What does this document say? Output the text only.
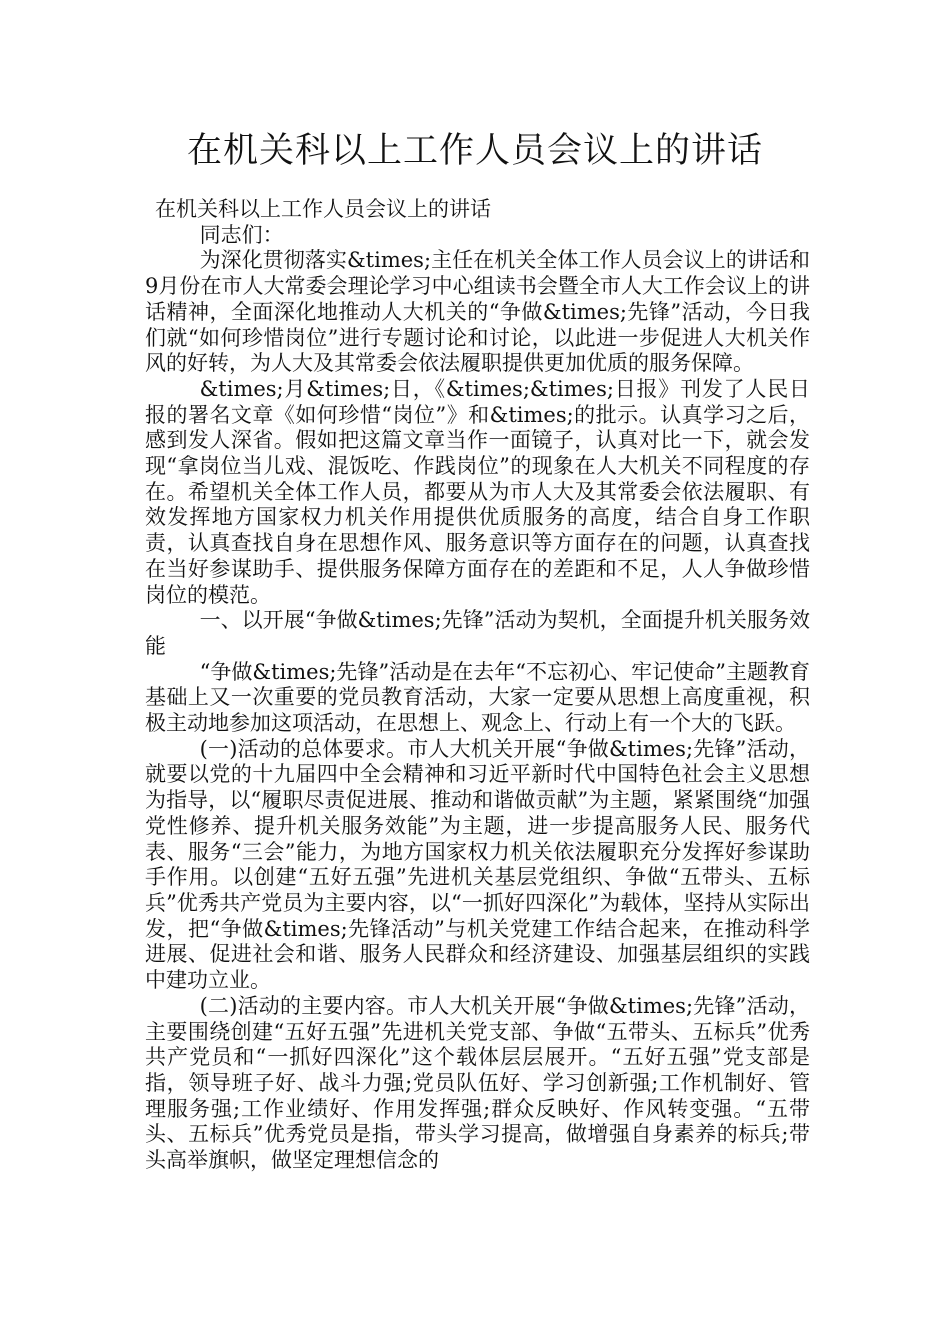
在机关科以上工作人员会议上的讲话

在机关科以上工作人员会议上的讲话

同志们：

为深化贯彻落实&times;主任在机关全体工作人员会议上的讲话和9月份在市人大常委会理论学习中心组读书会暨全市人大工作会议上的讲话精神，全面深化地推动人大机关的“争做&times;先锋”活动，今日我们就“如何珍惜岗位”进行专题讨论和讨论，以此进一步促进人大机关作风的好转，为人大及其常委会依法履职提供更加优质的服务保障。

&times;月&times;日，《&times;&times;日报》刊发了人民日报的署名文章《如何珍惜“岗位”》和&times;的批示。认真学习之后，感到发人深省。假如把这篇文章当作一面镜子，认真对比一下，就会发现“拿岗位当儿戏、混饭吃、作践岗位”的现象在人大机关不同程度的存在。希望机关全体工作人员，都要从为市人大及其常委会依法履职、有效发挥地方国家权力机关作用提供优质服务的高度，结合自身工作职责，认真查找自身在思想作风、服务意识等方面存在的问题，认真查找在当好参谋助手、提供服务保障方面存在的差距和不足，人人争做珍惜岗位的模范。

一、以开展“争做&times;先锋”活动为契机，全面提升机关服务效能

“争做&times;先锋”活动是在去年“不忘初心、牢记使命”主题教育基础上又一次重要的党员教育活动，大家一定要从思想上高度重视，积极主动地参加这项活动，在思想上、观念上、行动上有一个大的飞跃。

(一)活动的总体要求。市人大机关开展“争做&times;先锋”活动，就要以党的十九届四中全会精神和习近平新时代中国特色社会主义思想为指导，以“履职尽责促进展、推动和谐做贡献”为主题，紧紧围绕“加强党性修养、提升机关服务效能”为主题，进一步提高服务人民、服务代表、服务“三会”能力，为地方国家权力机关依法履职充分发挥好参谋助手作用。以创建“五好五强”先进机关基层党组织、争做“五带头、五标兵”优秀共产党员为主要内容，以“一抓好四深化”为载体，坚持从实际出发，把“争做&times;先锋活动”与机关党建工作结合起来，在推动科学进展、促进社会和谐、服务人民群众和经济建设、加强基层组织的实践中建功立业。

(二)活动的主要内容。市人大机关开展“争做&times;先锋”活动，主要围绕创建“五好五强”先进机关党支部、争做“五带头、五标兵”优秀共产党员和“一抓好四深化”这个载体层层展开。“五好五强”党支部是指，领导班子好、战斗力强;党员队伍好、学习创新强;工作机制好、管理服务强;工作业绩好、作用发挥强;群众反映好、作风转变强。“五带头、五标兵”优秀党员是指，带头学习提高，做增强自身素养的标兵;带头高举旗帜，做坚定理想信念的
